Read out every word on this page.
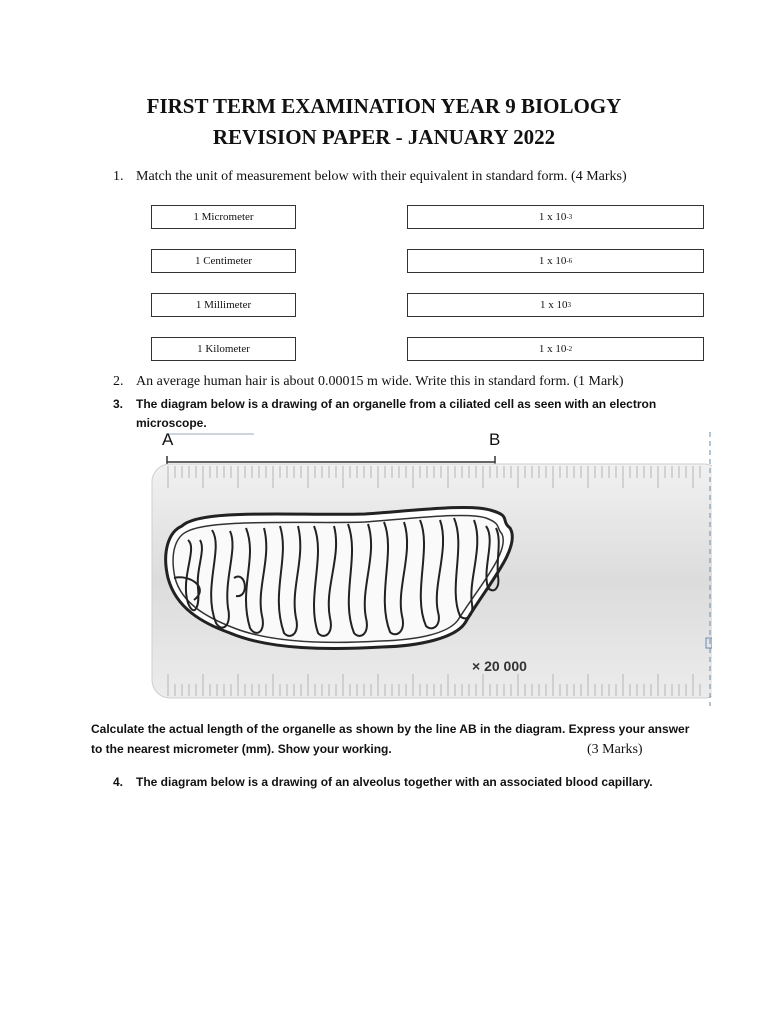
FIRST TERM EXAMINATION YEAR 9 BIOLOGY
REVISION PAPER - JANUARY 2022
1. Match the unit of measurement below with their equivalent in standard form. (4 Marks)
1 Micrometer
1 Centimeter
1 Millimeter
1 Kilometer
1 x 10 -3
1 x 10 -6
1 x 10 3
1 x 10 -2
2. An average human hair is about 0.00015 m wide. Write this in standard form. (1 Mark)
3. The diagram below is a drawing of an organelle from a ciliated cell as seen with an electron
microscope.
A	B
× 20 000
Calculate the actual length of the organelle as shown by the line AB in the diagram. Express your answer
to the nearest micrometer (mm). Show your working.	(3 Marks)
4. The diagram below is a drawing of an alveolus together with an associated blood capillary.
